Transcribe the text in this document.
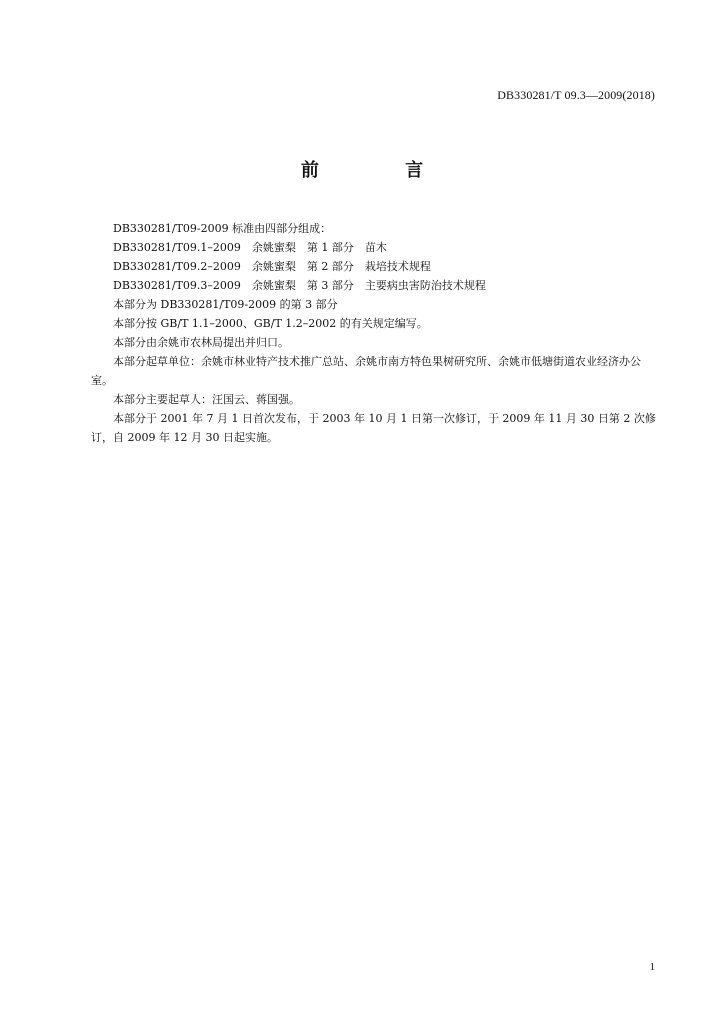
DB330281/T 09.3—2009(2018)
前 言

DB330281/T09-2009 标准由四部分组成：

DB330281/T09.1–2009　余姚蜜梨　第 1 部分　苗木

DB330281/T09.2–2009　余姚蜜梨　第 2 部分　栽培技术规程

DB330281/T09.3–2009　余姚蜜梨　第 3 部分　主要病虫害防治技术规程

本部分为 DB330281/T09-2009 的第 3 部分

本部分按 GB/T 1.1–2000、GB/T 1.2–2002 的有关规定编写。

本部分由余姚市农林局提出并归口。

本部分起草单位：余姚市林业特产技术推广总站、余姚市南方特色果树研究所、余姚市低塘街道农业经济办公室。

本部分主要起草人：汪国云、蒋国强。

本部分于 2001 年 7 月 1 日首次发布，于 2003 年 10 月 1 日第一次修订，于 2009 年 11 月 30 日第 2 次修订，自 2009 年 12 月 30 日起实施。

1
